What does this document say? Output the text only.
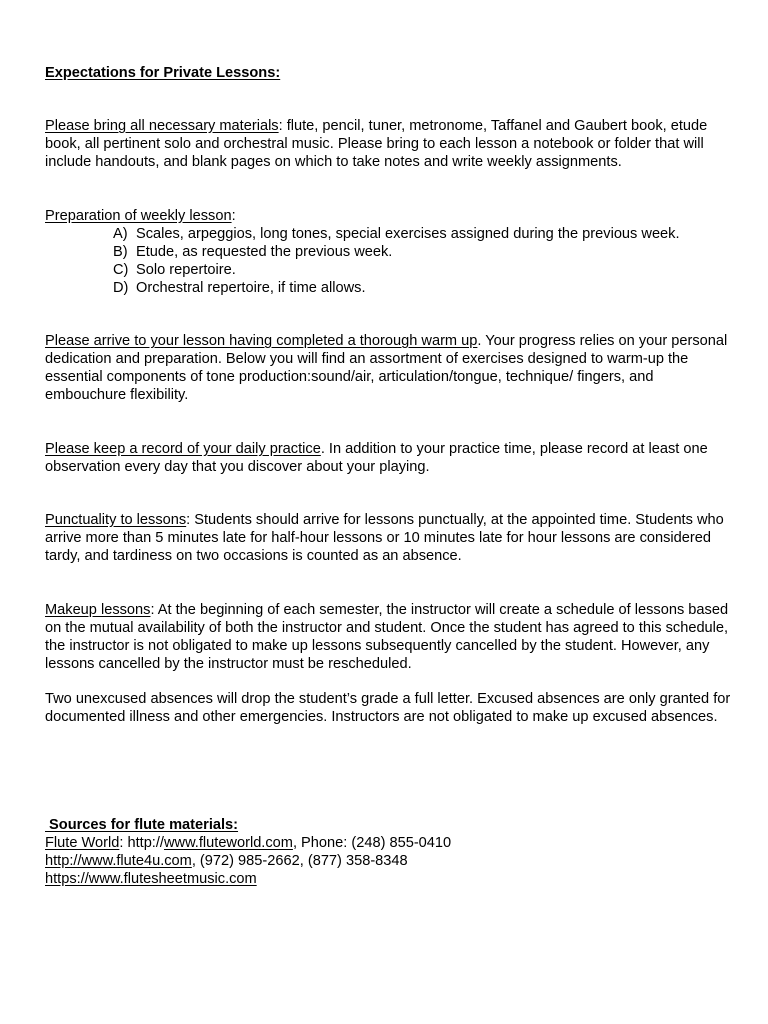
Expectations for Private Lessons:

Please bring all necessary materials: flute, pencil, tuner, metronome, Taffanel and Gaubert book, etude book, all pertinent solo and orchestral music. Please bring to each lesson a notebook or folder that will include handouts, and blank pages on which to take notes and write weekly assignments.

Preparation of weekly lesson:

A) Scales, arpeggios, long tones, special exercises assigned during the previous week.
B) Etude, as requested the previous week.
C) Solo repertoire.
D) Orchestral repertoire, if time allows.

Please arrive to your lesson having completed a thorough warm up. Your progress relies on your personal dedication and preparation. Below you will find an assortment of exercises designed to warm-up the essential components of tone production:sound/air, articulation/tongue, technique/ fingers, and embouchure flexibility.

Please keep a record of your daily practice. In addition to your practice time, please record at least one observation every day that you discover about your playing.

Punctuality to lessons: Students should arrive for lessons punctually, at the appointed time. Students who arrive more than 5 minutes late for half-hour lessons or 10 minutes late for hour lessons are considered tardy, and tardiness on two occasions is counted as an absence.

Makeup lessons: At the beginning of each semester, the instructor will create a schedule of lessons based on the mutual availability of both the instructor and student. Once the student has agreed to this schedule, the instructor is not obligated to make up lessons subsequently cancelled by the student. However, any lessons cancelled by the instructor must be rescheduled.

Two unexcused absences will drop the student’s grade a full letter. Excused absences are only granted for documented illness and other emergencies. Instructors are not obligated to make up excused absences.

Sources for flute materials:

Flute World: http://www.fluteworld.com, Phone: (248) 855-0410

http://www.flute4u.com, (972) 985-2662, (877) 358-8348

https://www.flutesheetmusic.com
